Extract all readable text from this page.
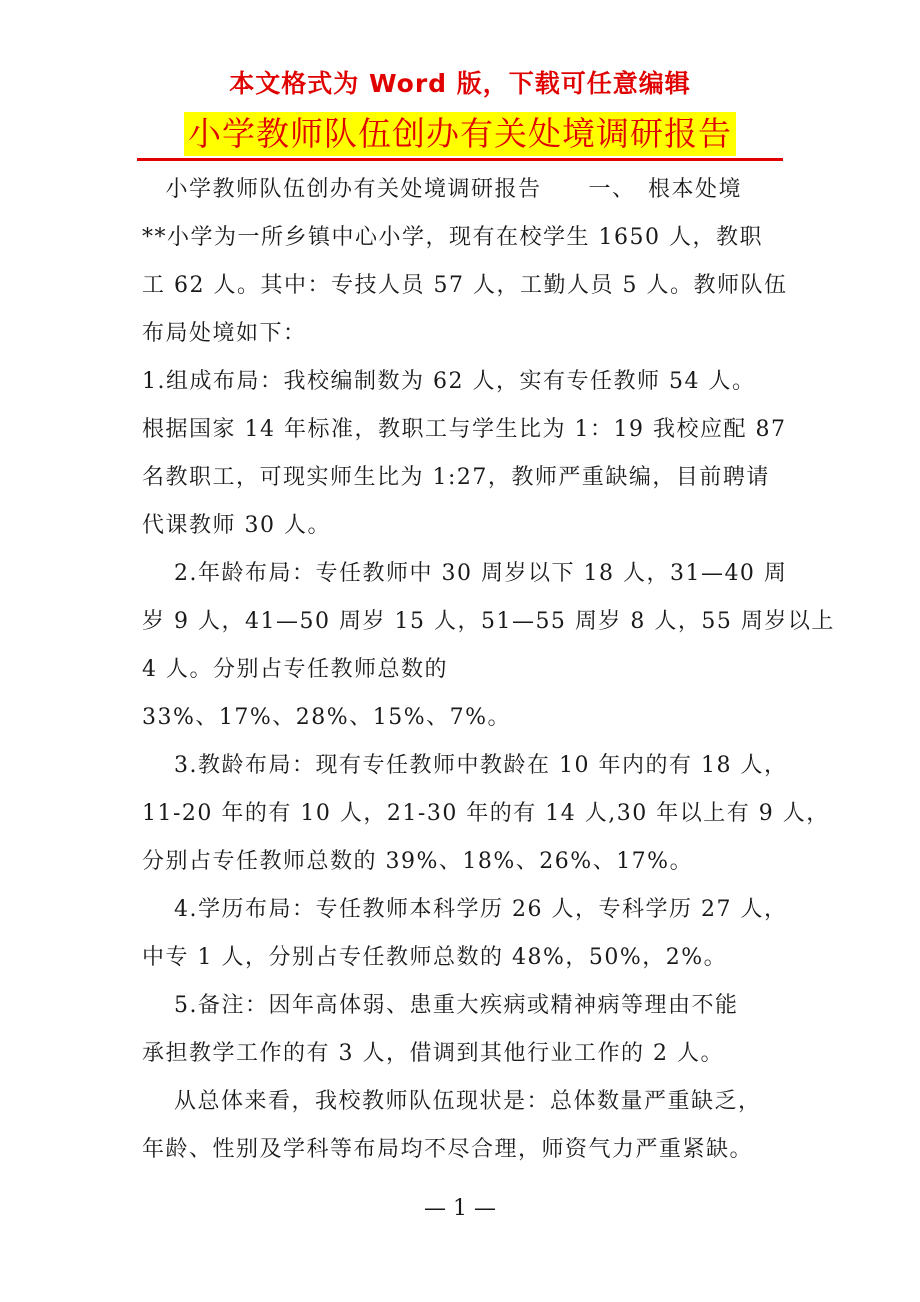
本文格式为 Word 版，下载可任意编辑
小学教师队伍创办有关处境调研报告
　小学教师队伍创办有关处境调研报告　　一、　根本处境
**小学为一所乡镇中心小学，现有在校学生 1650 人，教职
工 62 人。其中：专技人员 57 人，工勤人员 5 人。教师队伍
布局处境如下：
1.组成布局：我校编制数为 62 人，实有专任教师 54 人。
根据国家 14 年标准，教职工与学生比为 1：19 我校应配 87
名教职工，可现实师生比为 1:27，教师严重缺编，目前聘请
代课教师 30 人。
　 2.年龄布局：专任教师中 30 周岁以下 18 人，31—40 周
岁 9 人，41—50 周岁 15 人，51—55 周岁 8 人，55 周岁以上
4 人。分别占专任教师总数的
33%、17%、28%、15%、7%。
　 3.教龄布局：现有专任教师中教龄在 10 年内的有 18 人，
11-20 年的有 10 人，21-30 年的有 14 人,30 年以上有 9 人，
分别占专任教师总数的 39%、18%、26%、17%。
　 4.学历布局：专任教师本科学历 26 人，专科学历 27 人，
中专 1 人，分别占专任教师总数的 48%，50%，2%。
　 5.备注：因年高体弱、患重大疾病或精神病等理由不能
承担教学工作的有 3 人，借调到其他行业工作的 2 人。
　 从总体来看，我校教师队伍现状是：总体数量严重缺乏，
年龄、性别及学科等布局均不尽合理，师资气力严重紧缺。
— 1 —
